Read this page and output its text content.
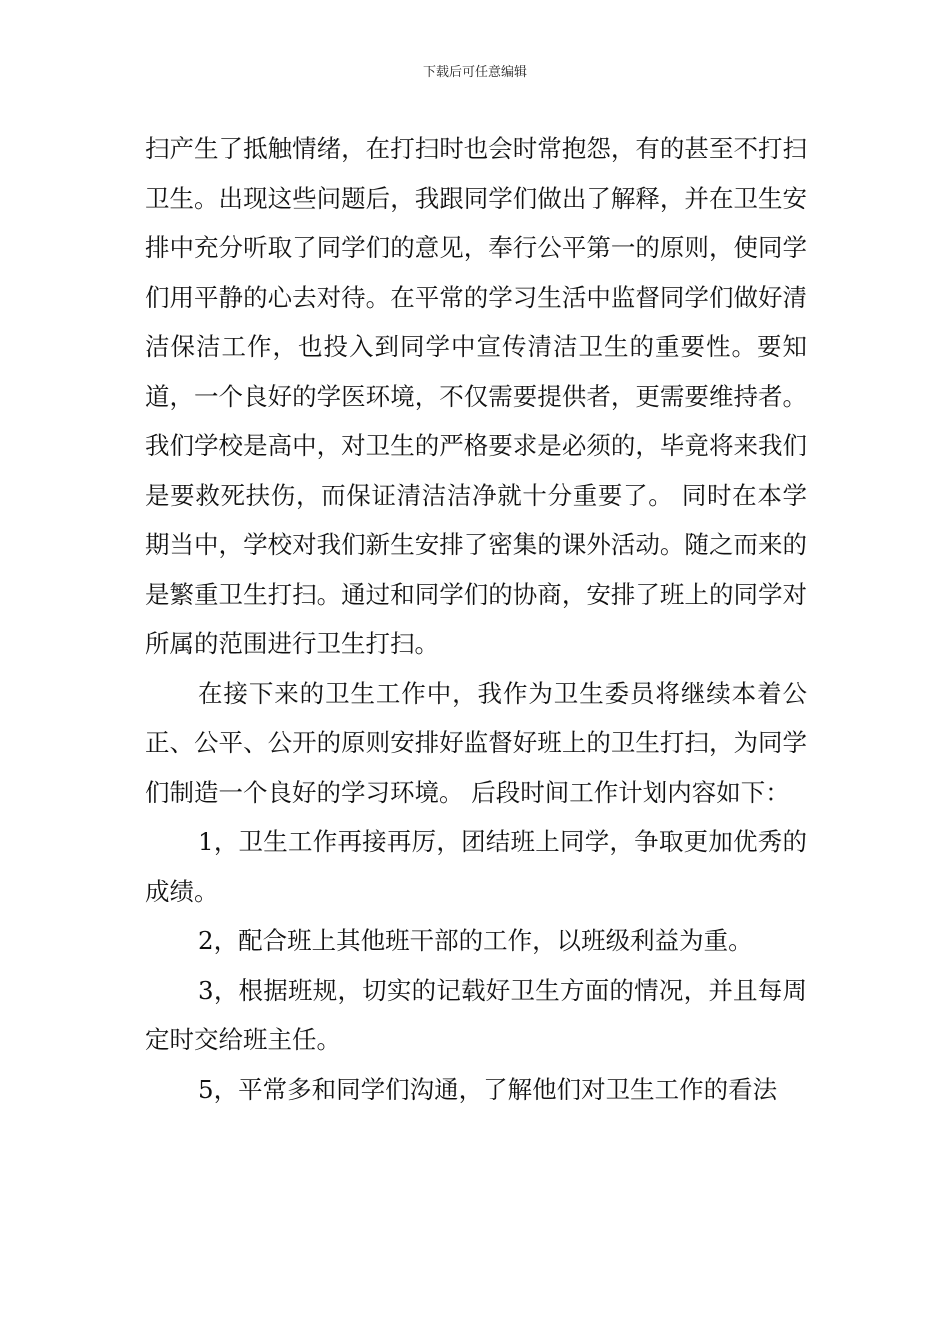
下载后可任意编辑

扫产生了抵触情绪，在打扫时也会时常抱怨，有的甚至不打扫卫生。出现这些问题后，我跟同学们做出了解释，并在卫生安排中充分听取了同学们的意见，奉行公平第一的原则，使同学们用平静的心去对待。在平常的学习生活中监督同学们做好清洁保洁工作，也投入到同学中宣传清洁卫生的重要性。要知道，一个良好的学医环境，不仅需要提供者，更需要维持者。我们学校是高中，对卫生的严格要求是必须的，毕竟将来我们是要救死扶伤，而保证清洁洁净就十分重要了。 同时在本学期当中，学校对我们新生安排了密集的课外活动。随之而来的是繁重卫生打扫。通过和同学们的协商，安排了班上的同学对所属的范围进行卫生打扫。

在接下来的卫生工作中，我作为卫生委员将继续本着公正、公平、公开的原则安排好监督好班上的卫生打扫，为同学们制造一个良好的学习环境。 后段时间工作计划内容如下：

1，卫生工作再接再厉，团结班上同学，争取更加优秀的成绩。

2，配合班上其他班干部的工作，以班级利益为重。

3，根据班规，切实的记载好卫生方面的情况，并且每周定时交给班主任。

5，平常多和同学们沟通，了解他们对卫生工作的看法
